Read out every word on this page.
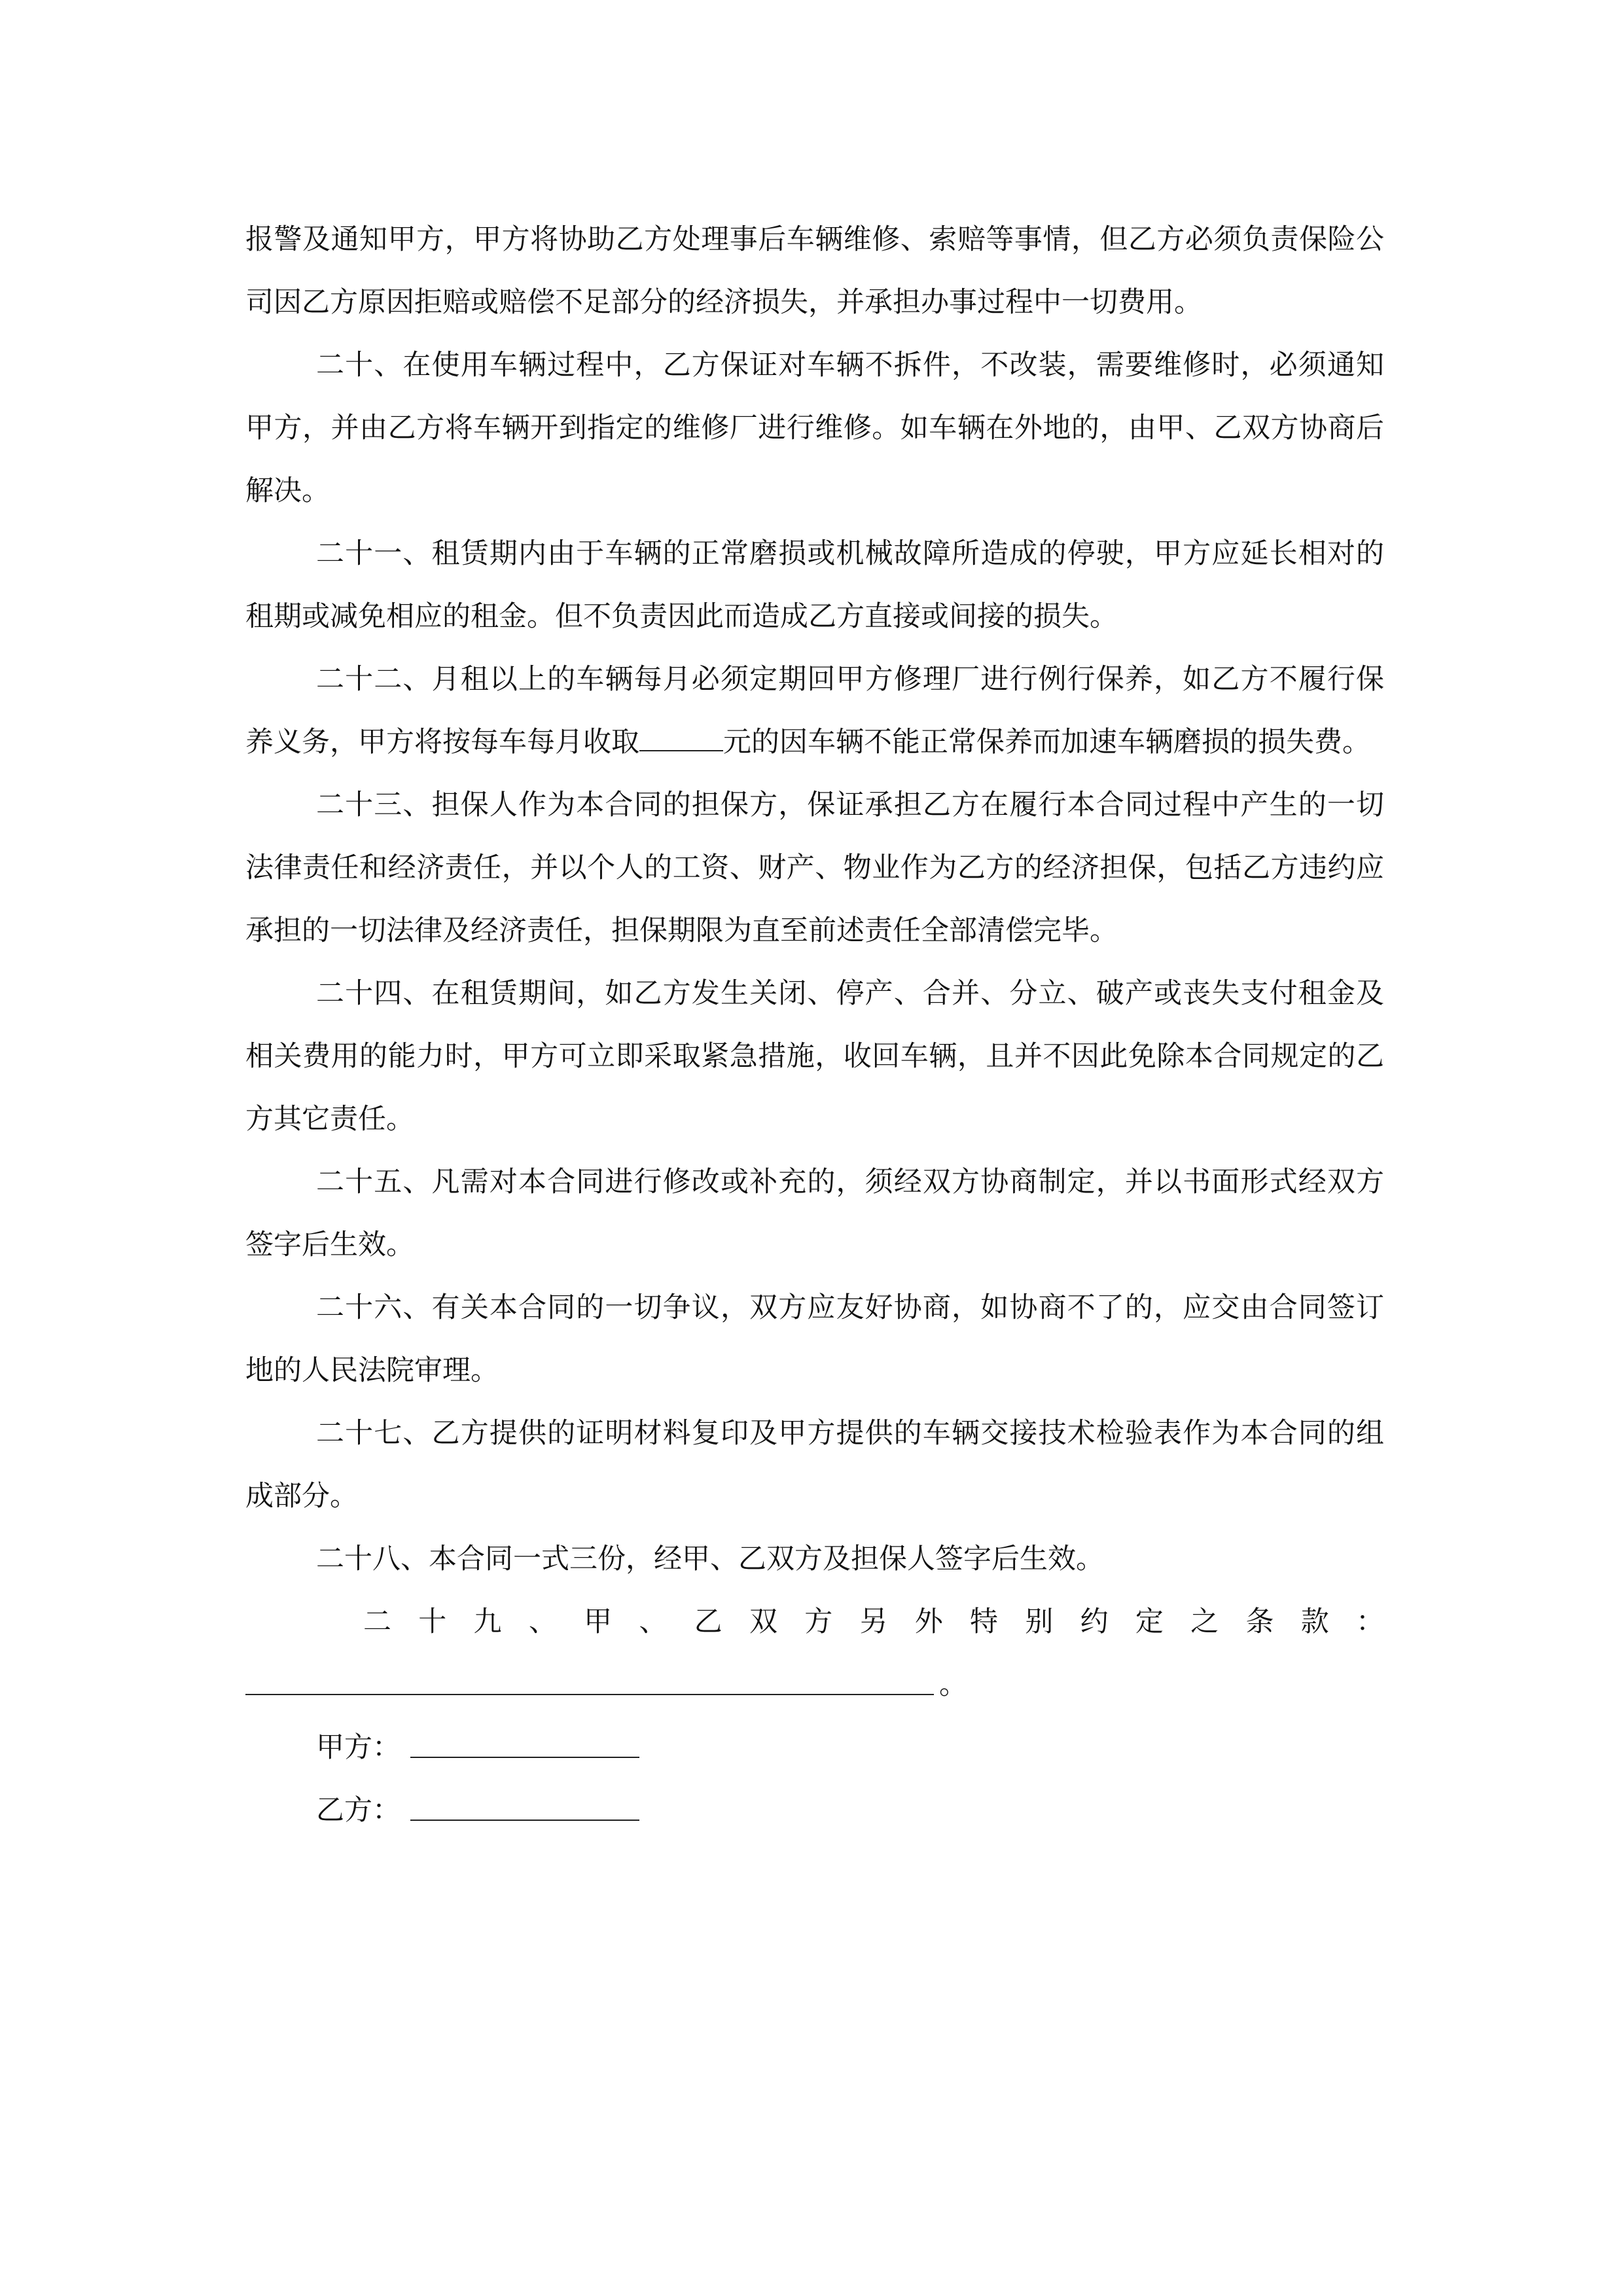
报警及通知甲方，甲方将协助乙方处理事后车辆维修、索赔等事情，但乙方必须负责保险公司因乙方原因拒赔或赔偿不足部分的经济损失，并承担办事过程中一切费用。

二十、在使用车辆过程中，乙方保证对车辆不拆件，不改装，需要维修时，必须通知甲方，并由乙方将车辆开到指定的维修厂进行维修。如车辆在外地的，由甲、乙双方协商后解决。

二十一、租赁期内由于车辆的正常磨损或机械故障所造成的停驶，甲方应延长相对的租期或减免相应的租金。但不负责因此而造成乙方直接或间接的损失。

二十二、月租以上的车辆每月必须定期回甲方修理厂进行例行保养，如乙方不履行保养义务，甲方将按每车每月收取	元的因车辆不能正常保养而加速车辆磨损的损失费。

二十三、担保人作为本合同的担保方，保证承担乙方在履行本合同过程中产生的一切法律责任和经济责任，并以个人的工资、财产、物业作为乙方的经济担保，包括乙方违约应承担的一切法律及经济责任，担保期限为直至前述责任全部清偿完毕。

二十四、在租赁期间，如乙方发生关闭、停产、合并、分立、破产或丧失支付租金及相关费用的能力时，甲方可立即采取紧急措施，收回车辆，且并不因此免除本合同规定的乙方其它责任。

二十五、凡需对本合同进行修改或补充的，须经双方协商制定，并以书面形式经双方签字后生效。

二十六、有关本合同的一切争议，双方应友好协商，如协商不了的，应交由合同签订地的人民法院审理。

二十七、乙方提供的证明材料复印及甲方提供的车辆交接技术检验表作为本合同的组成部分。

二十八、本合同一式三份，经甲、乙双方及担保人签字后生效。

二十九、甲、乙双方另外特别约定之条款：

。
甲方：
乙方：
